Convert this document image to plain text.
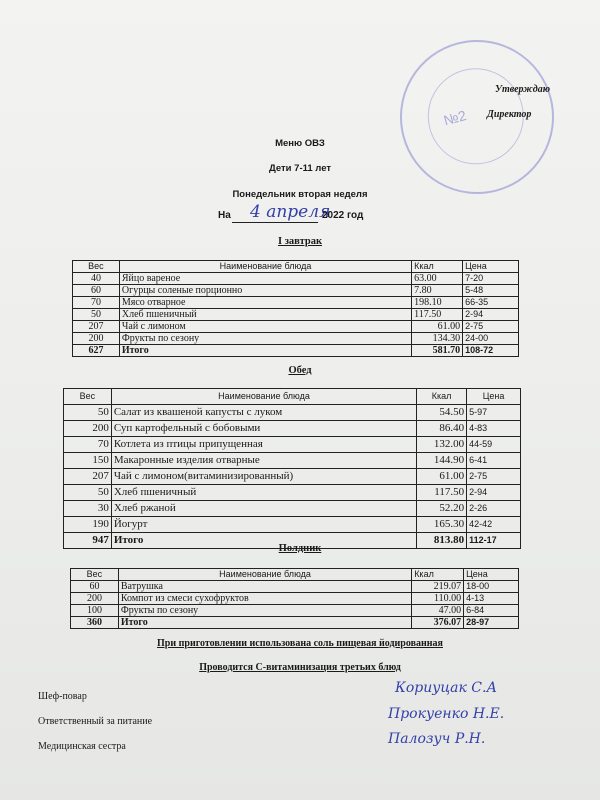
№2
Утверждаю
Директор
Меню ОВЗ
Дети 7-11 лет
Понедельник вторая неделя
На 4 апреля
2022 год
I завтрак
Вес	Наименование блюда	Ккал	Цена
40	Яйцо вареное	63.00	7-20
60	Огурцы соленые порционно	7.80	5-48
70	Мясо отварное	198.10	66-35
50	Хлеб пшеничный	117.50	2-94
207	Чай с лимоном	61.00	2-75
200	Фрукты по сезону	134.30	24-00
627	Итого	581.70	108-72
Обед
Вес	Наименование блюда	Ккал	Цена
50	Салат из квашеной капусты с луком	54.50	5-97
200	Суп картофельный с бобовыми	86.40	4-83
70	Котлета из птицы припущенная	132.00	44-59
150	Макаронные изделия отварные	144.90	6-41
207	Чай с лимоном(витаминизированный)	61.00	2-75
50	Хлеб пшеничный	117.50	2-94
30	Хлеб ржаной	52.20	2-26
190	Йогурт	165.30	42-42
947	Итого	813.80	112-17
Полдник
Вес	Наименование блюда	Ккал	Цена
60	Ватрушка	219.07	18-00
200	Компот из смеси сухофруктов	110.00	4-13
100	Фрукты по сезону	47.00	6-84
360	Итого	376.07	28-97
При приготовлении использована соль пищевая йодированная
Проводится С-витаминизация третьих блюд
Шеф-повар
Кориуцак С.А
Ответственный за питание	Прокуенко Н.Е.
Медицинская сестра	Палозуч Р.Н.
